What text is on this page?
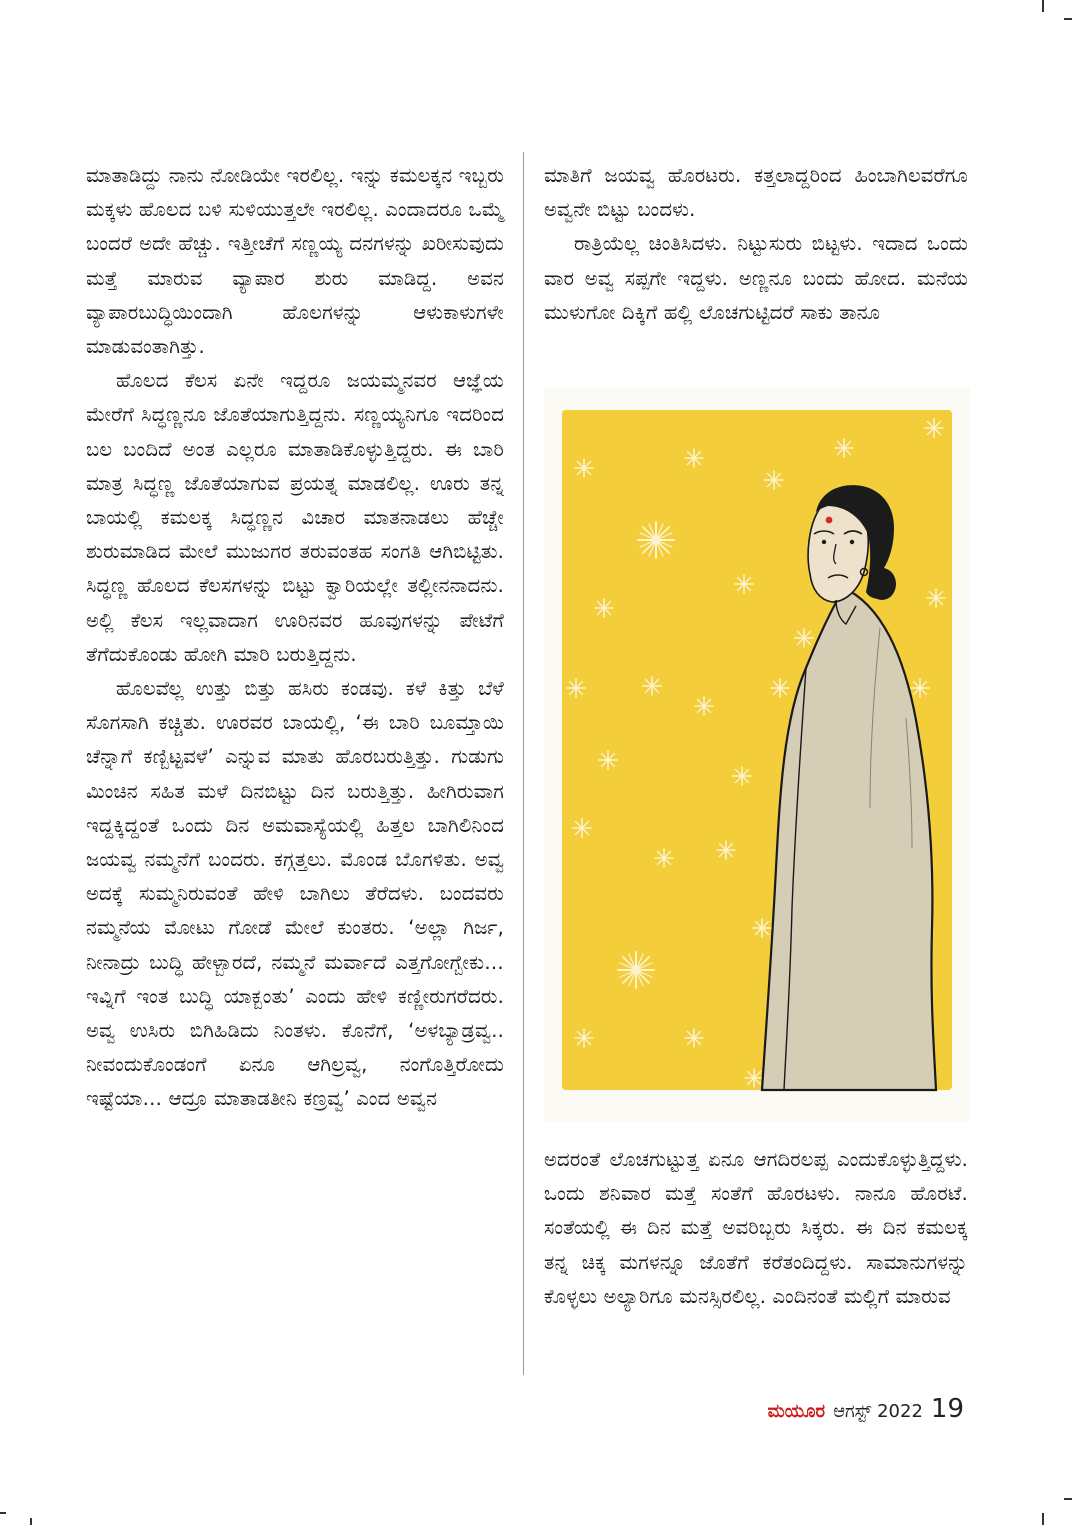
ಮಾತಾಡಿದ್ದು ನಾನು ನೋಡಿಯೇ ಇರಲಿಲ್ಲ. ಇನ್ನು ಕಮಲಕ್ಕನ ಇಬ್ಬರು ಮಕ್ಕಳು ಹೊಲದ ಬಳಿ ಸುಳಿಯುತ್ತಲೇ ಇರಲಿಲ್ಲ. ಎಂದಾದರೂ ಒಮ್ಮೆ ಬಂದರೆ ಅದೇ ಹೆಚ್ಚು. ಇತ್ತೀಚೆಗೆ ಸಣ್ಣಯ್ಯ ದನಗಳನ್ನು ಖರೀಸುವುದು ಮತ್ತೆ ಮಾರುವ ವ್ಯಾಪಾರ ಶುರು ಮಾಡಿದ್ದ. ಅವನ ವ್ಯಾಪಾರಬುದ್ಧಿಯಿಂದಾಗಿ ಹೊಲಗಳನ್ನು ಆಳುಕಾಳುಗಳೇ ಮಾಡುವಂತಾಗಿತ್ತು.

ಹೊಲದ ಕೆಲಸ ಏನೇ ಇದ್ದರೂ ಜಯಮ್ಮನವರ ಆಜ್ಞೆಯ ಮೇರೆಗೆ ಸಿದ್ಧಣ್ಣನೂ ಜೊತೆಯಾಗುತ್ತಿದ್ದನು. ಸಣ್ಣಯ್ಯನಿಗೂ ಇದರಿಂದ ಬಲ ಬಂದಿದೆ ಅಂತ ಎಲ್ಲರೂ ಮಾತಾಡಿಕೊಳ್ಳುತ್ತಿದ್ದರು. ಈ ಬಾರಿ ಮಾತ್ರ ಸಿದ್ಧಣ್ಣ ಜೊತೆಯಾಗುವ ಪ್ರಯತ್ನ ಮಾಡಲಿಲ್ಲ. ಊರು ತನ್ನ ಬಾಯಲ್ಲಿ ಕಮಲಕ್ಕ ಸಿದ್ಧಣ್ಣನ ವಿಚಾರ ಮಾತನಾಡಲು ಹೆಚ್ಚೇ ಶುರುಮಾಡಿದ ಮೇಲೆ ಮುಜುಗರ ತರುವಂತಹ ಸಂಗತಿ ಆಗಿಬಿಟ್ಟಿತು. ಸಿದ್ಧಣ್ಣ ಹೊಲದ ಕೆಲಸಗಳನ್ನು ಬಿಟ್ಟು ಕ್ವಾರಿಯಲ್ಲೇ ತಲ್ಲೀನನಾದನು. ಅಲ್ಲಿ ಕೆಲಸ ಇಲ್ಲವಾದಾಗ ಊರಿನವರ ಹೂವುಗಳನ್ನು ಪೇಟೆಗೆ ತೆಗೆದುಕೊಂಡು ಹೋಗಿ ಮಾರಿ ಬರುತ್ತಿದ್ದನು.

ಹೊಲವೆಲ್ಲ ಉತ್ತು ಬಿತ್ತು ಹಸಿರು ಕಂಡವು. ಕಳೆ ಕಿತ್ತು ಬೆಳೆ ಸೊಗಸಾಗಿ ಕಚ್ಚಿತು. ಊರವರ ಬಾಯಲ್ಲಿ, ‘ಈ ಬಾರಿ ಬೂಮ್ತಾಯಿ ಚೆನ್ನಾಗೆ ಕಣ್ಬಿಟ್ಟವಳೆ’ ಎನ್ನುವ ಮಾತು ಹೊರಬರುತ್ತಿತ್ತು. ಗುಡುಗು ಮಿಂಚಿನ ಸಹಿತ ಮಳೆ ದಿನಬಿಟ್ಟು ದಿನ ಬರುತ್ತಿತ್ತು. ಹೀಗಿರುವಾಗ ಇದ್ದಕ್ಕಿದ್ದಂತೆ ಒಂದು ದಿನ ಅಮವಾಸ್ಯೆಯಲ್ಲಿ ಹಿತ್ತಲ ಬಾಗಿಲಿನಿಂದ ಜಯವ್ವ ನಮ್ಮನೆಗೆ ಬಂದರು. ಕಗ್ಗತ್ತಲು. ಮೊಂಡ ಬೊಗಳಿತು. ಅವ್ವ ಅದಕ್ಕೆ ಸುಮ್ಮನಿರುವಂತೆ ಹೇಳಿ ಬಾಗಿಲು ತೆರೆದಳು. ಬಂದವರು ನಮ್ಮನೆಯ ಮೋಟು ಗೋಡೆ ಮೇಲೆ ಕುಂತರು. ‘ಅಲ್ಲಾ ಗಿರ್ಜ, ನೀನಾದ್ರು ಬುದ್ಧಿ ಹೇಳ್ಬಾರದೆ, ನಮ್ಮನೆ ಮರ್ವಾದೆ ಎತ್ತಗೋಗ್ಬೇಕು… ಇವ್ನಿಗೆ ಇಂತ ಬುದ್ಧಿ ಯಾಕ್ಬಂತು’ ಎಂದು ಹೇಳಿ ಕಣ್ಣೀರುಗರೆದರು. ಅವ್ವ ಉಸಿರು ಬಿಗಿಹಿಡಿದು ನಿಂತಳು. ಕೊನೆಗೆ, ‘ಅಳಬ್ಯಾಡ್ರವ್ವ.. ನೀವಂದುಕೊಂಡಂಗೆ ಏನೂ ಆಗಿಲ್ರವ್ವ, ನಂಗೊತ್ತಿರೋದು ಇಷ್ಟೆಯಾ… ಆದ್ರೂ ಮಾತಾಡತೀನಿ ಕಣ್ರವ್ವ’ ಎಂದ ಅವ್ವನ

ಮಾತಿಗೆ ಜಯವ್ವ ಹೊರಟರು. ಕತ್ತಲಾದ್ದರಿಂದ ಹಿಂಬಾಗಿಲವರೆಗೂ ಅವ್ವನೇ ಬಿಟ್ಟು ಬಂದಳು.

ರಾತ್ರಿಯೆಲ್ಲ ಚಿಂತಿಸಿದಳು. ನಿಟ್ಟುಸುರು ಬಿಟ್ಟಳು. ಇದಾದ ಒಂದು ವಾರ ಅವ್ವ ಸಪ್ಪಗೇ ಇದ್ದಳು. ಅಣ್ಣನೂ ಬಂದು ಹೋದ. ಮನೆಯ ಮುಳುಗೋ ದಿಕ್ಕಿಗೆ ಹಲ್ಲಿ ಲೊಚಗುಟ್ಟಿದರೆ ಸಾಕು ತಾನೂ

ಅದರಂತೆ ಲೊಚಗುಟ್ಟುತ್ತ ಏನೂ ಆಗದಿರಲಪ್ಪ ಎಂದುಕೊಳ್ಳುತ್ತಿದ್ದಳು. ಒಂದು ಶನಿವಾರ ಮತ್ತೆ ಸಂತೆಗೆ ಹೊರಟಳು. ನಾನೂ ಹೊರಟೆ. ಸಂತೆಯಲ್ಲಿ ಈ ದಿನ ಮತ್ತೆ ಅವರಿಬ್ಬರು ಸಿಕ್ಕರು. ಈ ದಿನ ಕಮಲಕ್ಕ ತನ್ನ ಚಿಕ್ಕ ಮಗಳನ್ನೂ ಜೊತೆಗೆ ಕರೆತಂದಿದ್ದಳು. ಸಾಮಾನುಗಳನ್ನು ಕೊಳ್ಳಲು ಅಲ್ಯಾರಿಗೂ ಮನಸ್ಸಿರಲಿಲ್ಲ. ಎಂದಿನಂತೆ ಮಲ್ಲಿಗೆ ಮಾರುವ

ಮಯೂರ ಆಗಸ್ಟ್ 2022 19
